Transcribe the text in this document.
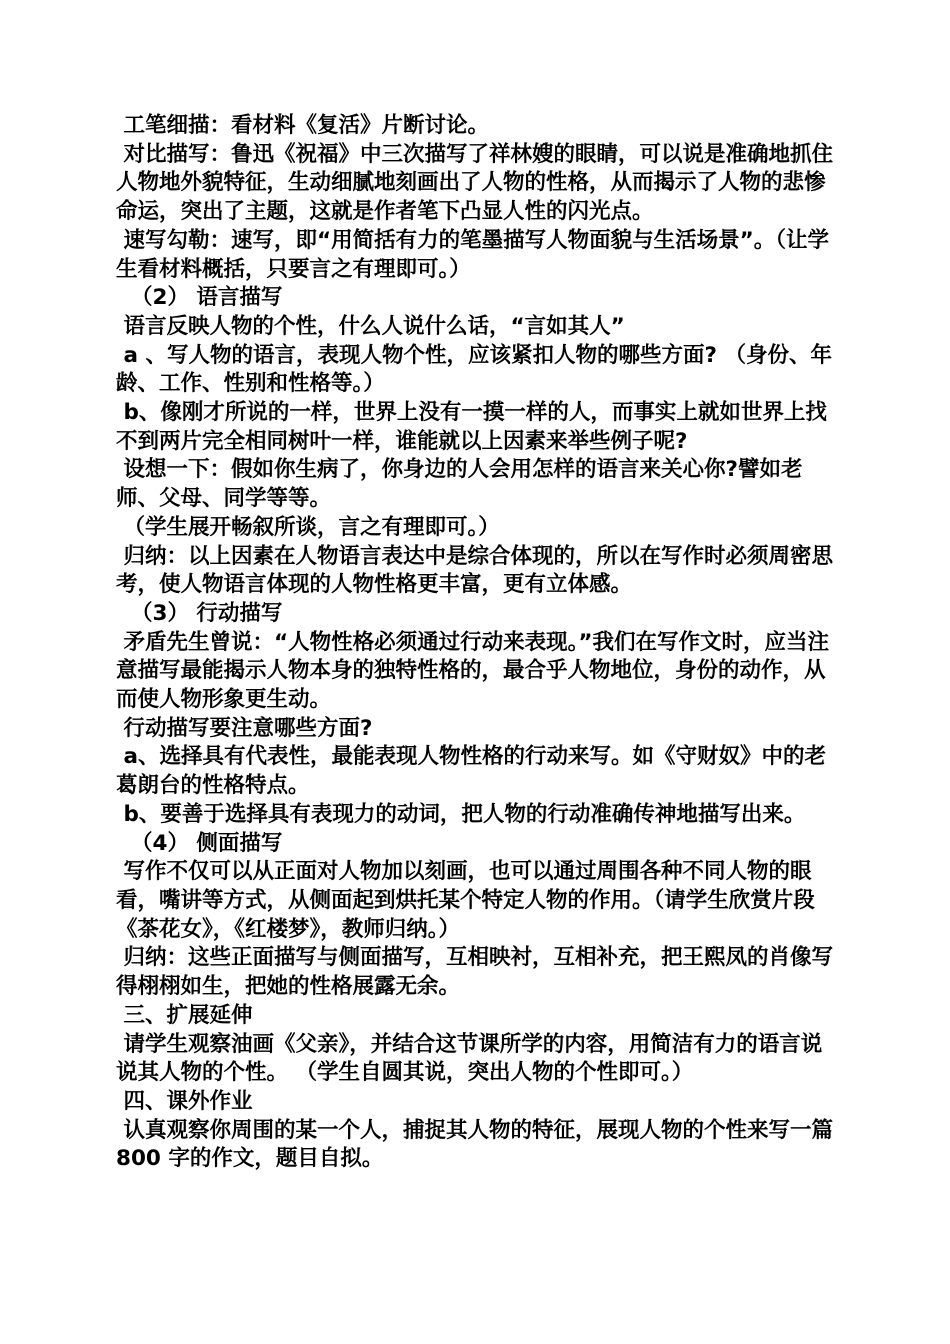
工笔细描：看材料《复活》片断讨论。

对比描写：鲁迅《祝福》中三次描写了祥林嫂的眼睛，可以说是准确地抓住人物地外貌特征，生动细腻地刻画出了人物的性格，从而揭示了人物的悲惨命运，突出了主题，这就是作者笔下凸显人性的闪光点。

速写勾勒：速写，即“用简括有力的笔墨描写人物面貌与生活场景”。（让学生看材料概括，只要言之有理即可。）

（2） 语言描写

语言反映人物的个性，什么人说什么话，“言如其人”

a 、写人物的语言，表现人物个性，应该紧扣人物的哪些方面? （身份、年龄、工作、性别和性格等。）

b、像刚才所说的一样，世界上没有一摸一样的人，而事实上就如世界上找不到两片完全相同树叶一样，谁能就以上因素来举些例子呢?

设想一下：假如你生病了，你身边的人会用怎样的语言来关心你?譬如老师、父母、同学等等。

（学生展开畅叙所谈，言之有理即可。）

归纳：以上因素在人物语言表达中是综合体现的，所以在写作时必须周密思考，使人物语言体现的人物性格更丰富，更有立体感。

（3） 行动描写

矛盾先生曾说：“人物性格必须通过行动来表现。”我们在写作文时，应当注意描写最能揭示人物本身的独特性格的，最合乎人物地位，身份的动作，从而使人物形象更生动。

行动描写要注意哪些方面?

a、选择具有代表性，最能表现人物性格的行动来写。如《守财奴》中的老葛朗台的性格特点。

b、要善于选择具有表现力的动词，把人物的行动准确传神地描写出来。

（4） 侧面描写

写作不仅可以从正面对人物加以刻画，也可以通过周围各种不同人物的眼看，嘴讲等方式，从侧面起到烘托某个特定人物的作用。（请学生欣赏片段《茶花女》，《红楼梦》，教师归纳。）

归纳：这些正面描写与侧面描写，互相映衬，互相补充，把王熙凤的肖像写得栩栩如生，把她的性格展露无余。

三、扩展延伸

请学生观察油画《父亲》，并结合这节课所学的内容，用简洁有力的语言说说其人物的个性。 （学生自圆其说，突出人物的个性即可。）

四、课外作业

认真观察你周围的某一个人，捕捉其人物的特征，展现人物的个性来写一篇 800 字的作文，题目自拟。
